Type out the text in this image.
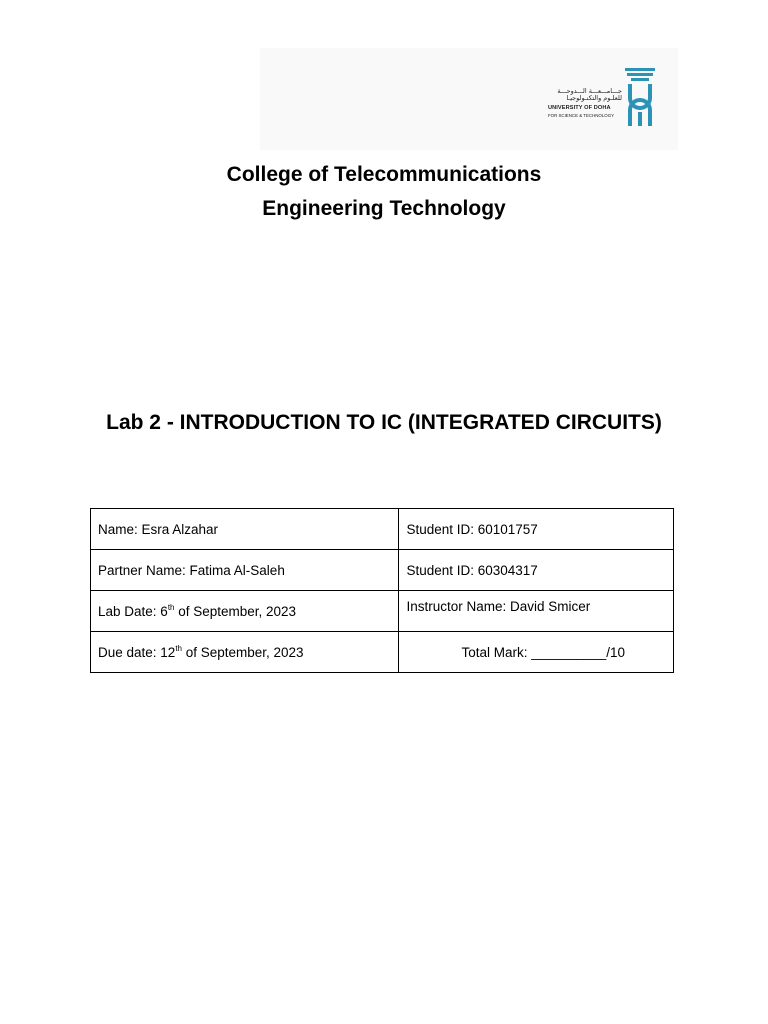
جـــامـــعـــة الـــدوحـــة
للعلـوم والتكنـولوجيـا
UNIVERSITY OF DOHA
FOR SCIENCE & TECHNOLOGY
College of Telecommunications
Engineering Technology
Lab 2 - INTRODUCTION TO IC (INTEGRATED CIRCUITS)
Name: Esra Alzahar	Student ID: 60101757
Partner Name: Fatima Al-Saleh	Student ID: 60304317
Lab Date: 6th of September, 2023	Instructor Name: David Smicer
Due date: 12th of September, 2023	Total Mark: __________/10
